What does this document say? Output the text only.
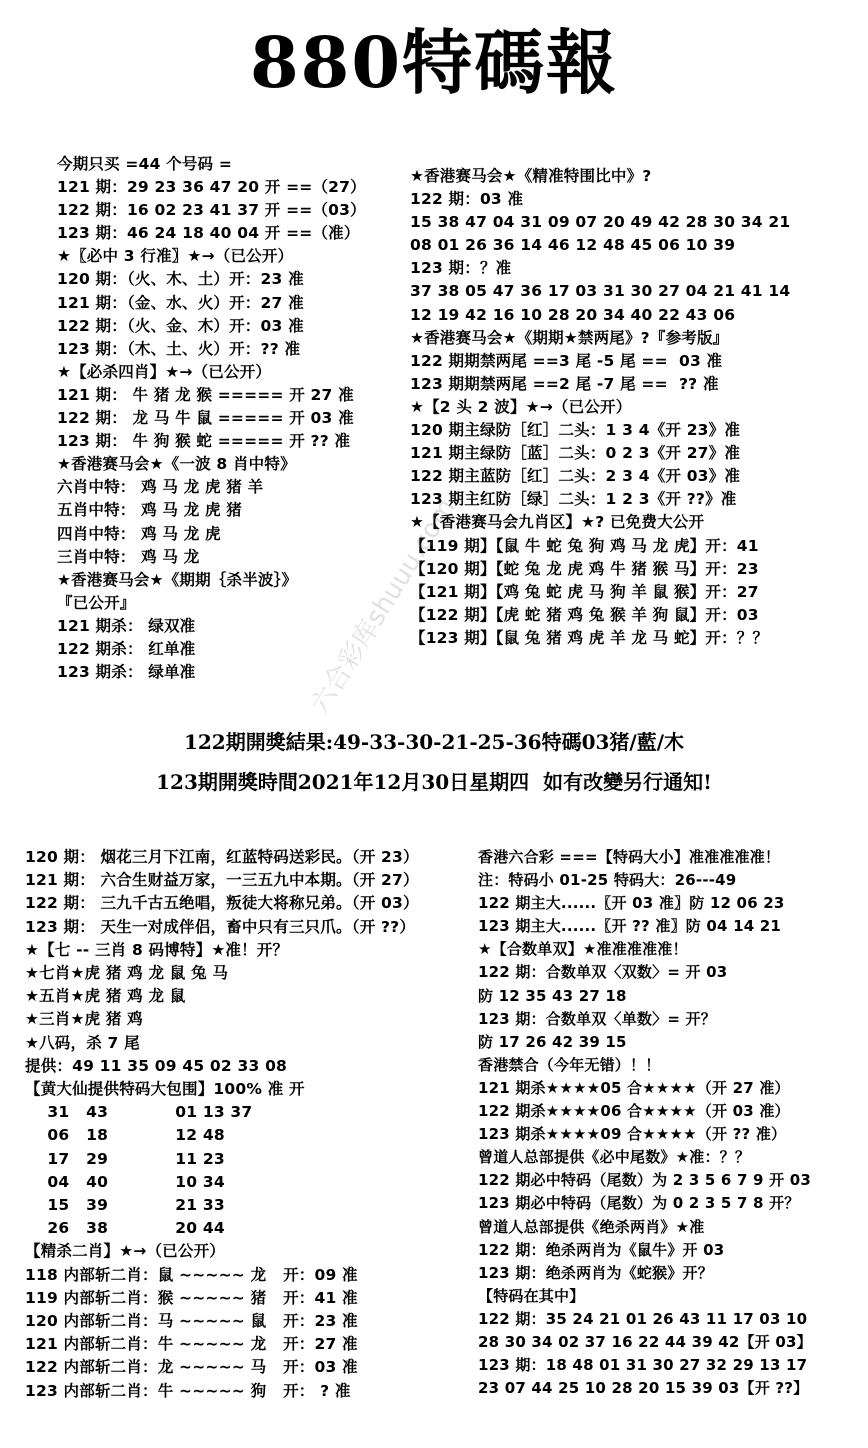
880特碼報
今期只买 =44 个号码 =
121 期：29 23 36 47 20 开 ==（27）
122 期：16 02 23 41 37 开 ==（03）
123 期：46 24 18 40 04 开 ==（准）
★〖必中 3 行准〗★→（已公开）
120 期：（火、木、土）开：23 准
121 期：（金、水、火）开：27 准
122 期：（火、金、木）开：03 准
123 期：（木、土、火）开：?? 准
★【必杀四肖】★→（已公开）
121 期： 牛 猪 龙 猴 ===== 开 27 准
122 期： 龙 马 牛 鼠 ===== 开 03 准
123 期： 牛 狗 猴 蛇 ===== 开 ?? 准
★香港赛马会★《一波 8 肖中特》
六肖中特： 鸡 马 龙 虎 猪 羊
五肖中特： 鸡 马 龙 虎 猪
四肖中特： 鸡 马 龙 虎
三肖中特： 鸡 马 龙
★香港赛马会★《期期｛杀半波｝》
『已公开』
121 期杀： 绿双准
122 期杀： 红单准
123 期杀： 绿单准
★香港赛马会★《精准特围比中》?
122 期：03 准
15 38 47 04 31 09 07 20 49 42 28 30 34 21
08 01 26 36 14 46 12 48 45 06 10 39
123 期：？准
37 38 05 47 36 17 03 31 30 27 04 21 41 14
12 19 42 16 10 28 20 34 40 22 43 06
★香港赛马会★《期期★禁两尾》?『参考版』
122 期期禁两尾 ==3 尾 -5 尾 ==  03 准
123 期期禁两尾 ==2 尾 -7 尾 ==  ?? 准
★【2 头 2 波】★→（已公开）
120 期主绿防［红］二头：1 3 4《开 23》准
121 期主绿防［蓝］二头：0 2 3《开 27》准
122 期主蓝防［红］二头：2 3 4《开 03》准
123 期主红防［绿］二头：1 2 3《开 ??》准
★【香港赛马会九肖区】★? 已免费大公开
【119 期】【鼠 牛 蛇 兔 狗 鸡 马 龙 虎】开：41
【120 期】【蛇 兔 龙 虎 鸡 牛 猪 猴 马】开：23
【121 期】【鸡 兔 蛇 虎 马 狗 羊 鼠 猴】开：27
【122 期】【虎 蛇 猪 鸡 兔 猴 羊 狗 鼠】开：03
【123 期】【鼠 兔 猪 鸡 虎 羊 龙 马 蛇】开：？？
六合彩库shuuu.com
122期開獎結果:49-33-30-21-25-36特碼03猪/藍/木
123期開獎時間2021年12月30日星期四  如有改變另行通知!
120 期： 烟花三月下江南，红蓝特码送彩民。（开 23）
121 期： 六合生财益万家，一三五九中本期。（开 27）
122 期： 三九千古五绝唱，叛徒大将称兄弟。（开 03）
123 期： 天生一对成伴侣，畜中只有三只爪。（开 ??）
★【七 -- 三肖 8 码博特】★准！开？
★七肖★虎 猪 鸡 龙 鼠 兔 马
★五肖★虎 猪 鸡 龙 鼠
★三肖★虎 猪 鸡
★八码，杀 7 尾
提供：49 11 35 09 45 02 33 08
【黄大仙提供特码大包围】100% 准 开
31   43            01 13 37
06   18            12 48
17   29            11 23
04   40            10 34
15   39            21 33
26   38            20 44
【精杀二肖】★→（已公开）
118 内部斩二肖：鼠 ~~~~~ 龙   开：09 准
119 内部斩二肖：猴 ~~~~~ 猪   开：41 准
120 内部斩二肖：马 ~~~~~ 鼠   开：23 准
121 内部斩二肖：牛 ~~~~~ 龙   开：27 准
122 内部斩二肖：龙 ~~~~~ 马   开：03 准
123 内部斩二肖：牛 ~~~~~ 狗   开： ? 准
香港六合彩 ===【特码大小】准准准准准！
注：特码小 01-25 特码大：26---49
122 期主大......〖开 03 准〗防 12 06 23
123 期主大......〖开 ?? 准〗防 04 14 21
★【合数单双】★准准准准准！
122 期：合数单双〈双数〉= 开 03
防 12 35 43 27 18
123 期：合数单双〈单数〉= 开？
防 17 26 42 39 15
香港禁合（今年无错）！！
121 期杀★★★★05 合★★★★（开 27 准）
122 期杀★★★★06 合★★★★（开 03 准）
123 期杀★★★★09 合★★★★（开 ?? 准）
曾道人总部提供《必中尾数》★准：？？
122 期必中特码（尾数）为 2 3 5 6 7 9 开 03
123 期必中特码（尾数）为 0 2 3 5 7 8 开？
曾道人总部提供《绝杀两肖》★准
122 期：绝杀两肖为《鼠牛》开 03
123 期：绝杀两肖为《蛇猴》开？
【特码在其中】
122 期：35 24 21 01 26 43 11 17 03 10
28 30 34 02 37 16 22 44 39 42【开 03】
123 期：18 48 01 31 30 27 32 29 13 17
23 07 44 25 10 28 20 15 39 03【开 ??】
